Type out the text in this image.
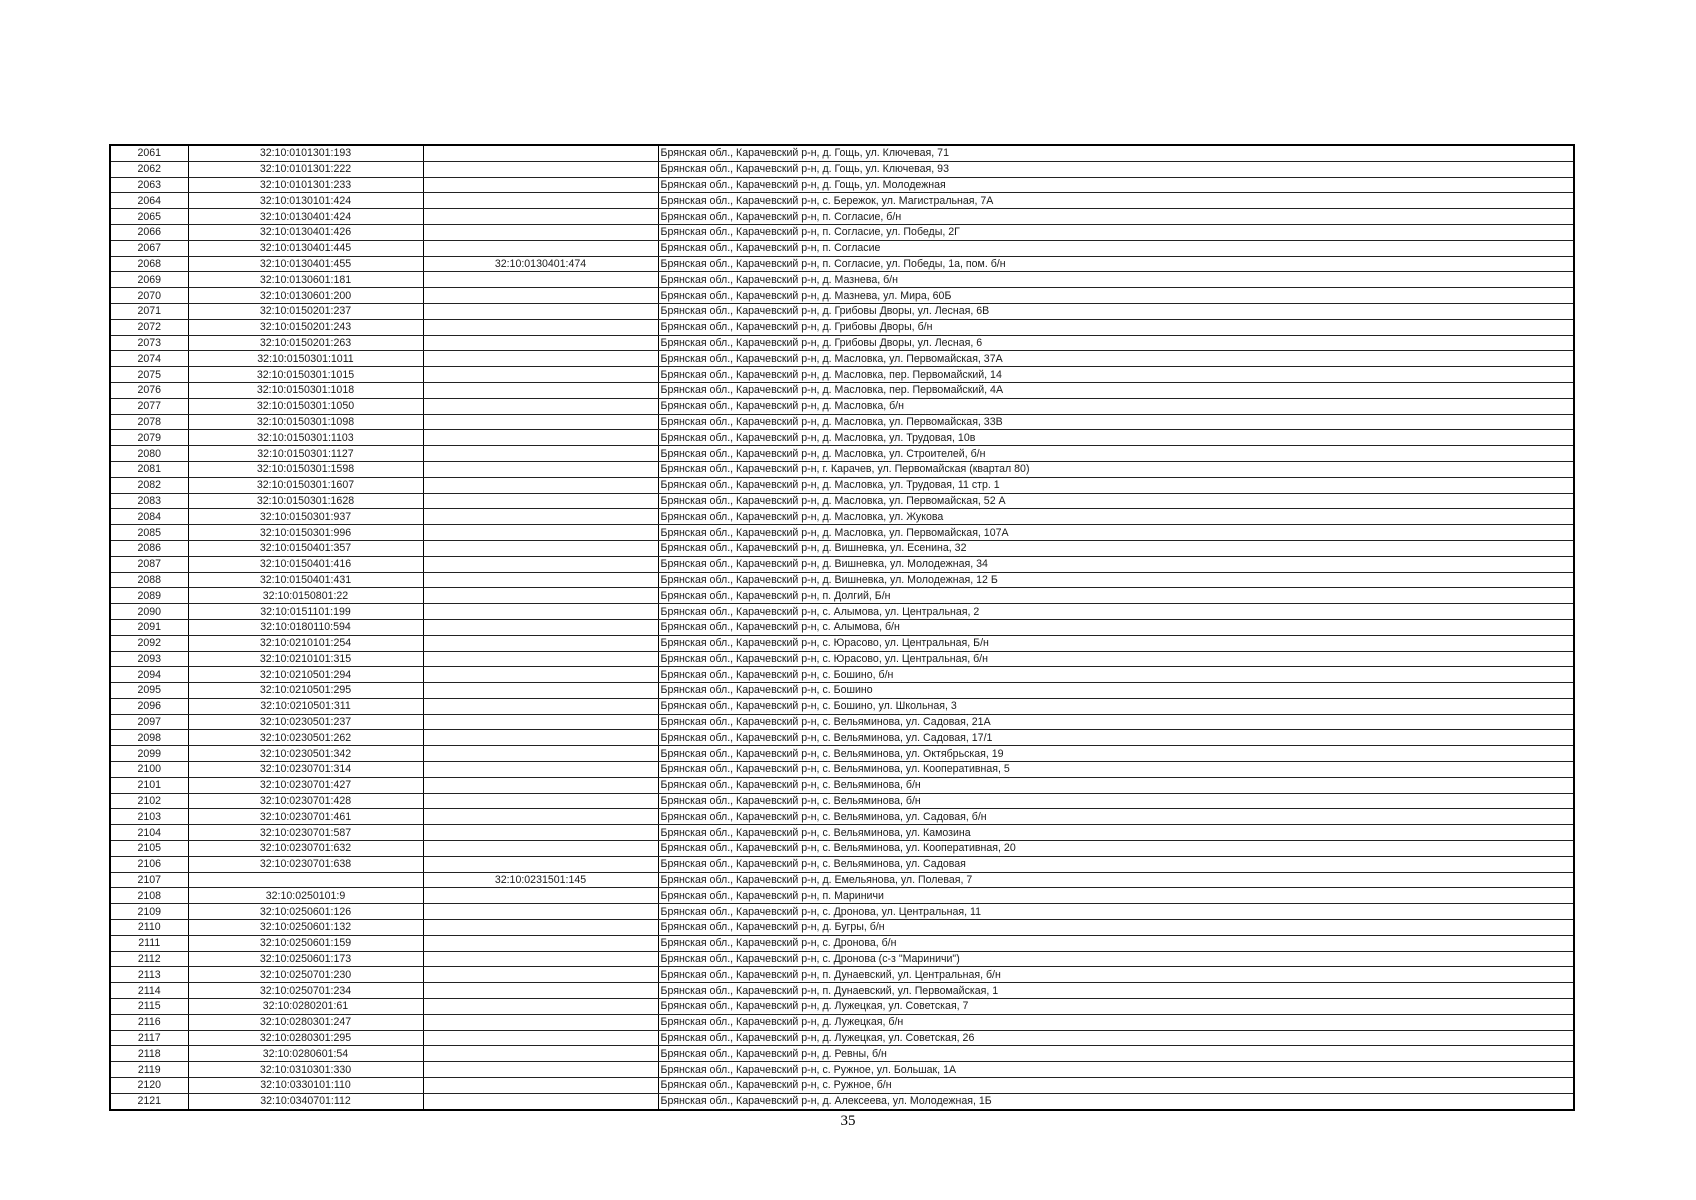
2061	32:10:0101301:193		Брянская обл., Карачевский р-н, д. Гощь, ул. Ключевая, 71
2062	32:10:0101301:222		Брянская обл., Карачевский р-н, д. Гощь, ул. Ключевая, 93
2063	32:10:0101301:233		Брянская обл., Карачевский р-н, д. Гощь, ул. Молодежная
2064	32:10:0130101:424		Брянская обл., Карачевский р-н, с. Бережок, ул. Магистральная, 7А
2065	32:10:0130401:424		Брянская обл., Карачевский р-н, п. Согласие, б/н
2066	32:10:0130401:426		Брянская обл., Карачевский р-н, п. Согласие, ул. Победы, 2Г
2067	32:10:0130401:445		Брянская обл., Карачевский р-н, п. Согласие
2068	32:10:0130401:455	32:10:0130401:474	Брянская обл., Карачевский р-н, п. Согласие, ул. Победы, 1а, пом. б/н
2069	32:10:0130601:181		Брянская обл., Карачевский р-н, д. Мазнева, б/н
2070	32:10:0130601:200		Брянская обл., Карачевский р-н, д. Мазнева, ул. Мира, 60Б
2071	32:10:0150201:237		Брянская обл., Карачевский р-н, д. Грибовы Дворы, ул. Лесная, 6В
2072	32:10:0150201:243		Брянская обл., Карачевский р-н, д. Грибовы Дворы, б/н
2073	32:10:0150201:263		Брянская обл., Карачевский р-н, д. Грибовы Дворы, ул. Лесная, 6
2074	32:10:0150301:1011		Брянская обл., Карачевский р-н, д. Масловка, ул. Первомайская, 37А
2075	32:10:0150301:1015		Брянская обл., Карачевский р-н, д. Масловка, пер. Первомайский, 14
2076	32:10:0150301:1018		Брянская обл., Карачевский р-н, д. Масловка, пер. Первомайский, 4А
2077	32:10:0150301:1050		Брянская обл., Карачевский р-н, д. Масловка, б/н
2078	32:10:0150301:1098		Брянская обл., Карачевский р-н, д. Масловка, ул. Первомайская, 33В
2079	32:10:0150301:1103		Брянская обл., Карачевский р-н, д. Масловка, ул. Трудовая, 10в
2080	32:10:0150301:1127		Брянская обл., Карачевский р-н, д. Масловка, ул. Строителей, б/н
2081	32:10:0150301:1598		Брянская обл., Карачевский р-н, г. Карачев, ул. Первомайская (квартал 80)
2082	32:10:0150301:1607		Брянская обл., Карачевский р-н, д. Масловка, ул. Трудовая, 11 стр. 1
2083	32:10:0150301:1628		Брянская обл., Карачевский р-н, д. Масловка, ул. Первомайская, 52 А
2084	32:10:0150301:937		Брянская обл., Карачевский р-н, д. Масловка, ул. Жукова
2085	32:10:0150301:996		Брянская обл., Карачевский р-н, д. Масловка, ул. Первомайская, 107А
2086	32:10:0150401:357		Брянская обл., Карачевский р-н, д. Вишневка, ул. Есенина, 32
2087	32:10:0150401:416		Брянская обл., Карачевский р-н, д. Вишневка, ул. Молодежная, 34
2088	32:10:0150401:431		Брянская обл., Карачевский р-н, д. Вишневка, ул. Молодежная, 12 Б
2089	32:10:0150801:22		Брянская обл., Карачевский р-н, п. Долгий, Б/н
2090	32:10:0151101:199		Брянская обл., Карачевский р-н, с. Алымова, ул. Центральная, 2
2091	32:10:0180110:594		Брянская обл., Карачевский р-н, с. Алымова, б/н
2092	32:10:0210101:254		Брянская обл., Карачевский р-н, с. Юрасово, ул. Центральная, Б/н
2093	32:10:0210101:315		Брянская обл., Карачевский р-н, с. Юрасово, ул. Центральная, б/н
2094	32:10:0210501:294		Брянская обл., Карачевский р-н, с. Бошино, б/н
2095	32:10:0210501:295		Брянская обл., Карачевский р-н, с. Бошино
2096	32:10:0210501:311		Брянская обл., Карачевский р-н, с. Бошино, ул. Школьная, 3
2097	32:10:0230501:237		Брянская обл., Карачевский р-н, с. Вельяминова, ул. Садовая, 21А
2098	32:10:0230501:262		Брянская обл., Карачевский р-н, с. Вельяминова, ул. Садовая, 17/1
2099	32:10:0230501:342		Брянская обл., Карачевский р-н, с. Вельяминова, ул. Октябрьская, 19
2100	32:10:0230701:314		Брянская обл., Карачевский р-н, с. Вельяминова, ул. Кооперативная, 5
2101	32:10:0230701:427		Брянская обл., Карачевский р-н, с. Вельяминова, б/н
2102	32:10:0230701:428		Брянская обл., Карачевский р-н, с. Вельяминова, б/н
2103	32:10:0230701:461		Брянская обл., Карачевский р-н, с. Вельяминова, ул. Садовая, б/н
2104	32:10:0230701:587		Брянская обл., Карачевский р-н, с. Вельяминова, ул. Камозина
2105	32:10:0230701:632		Брянская обл., Карачевский р-н, с. Вельяминова, ул. Кооперативная, 20
2106	32:10:0230701:638		Брянская обл., Карачевский р-н, с. Вельяминова, ул. Садовая
2107		32:10:0231501:145	Брянская обл., Карачевский р-н, д. Емельянова, ул. Полевая, 7
2108	32:10:0250101:9		Брянская обл., Карачевский р-н, п. Мариничи
2109	32:10:0250601:126		Брянская обл., Карачевский р-н, с. Дронова, ул. Центральная, 11
2110	32:10:0250601:132		Брянская обл., Карачевский р-н, д. Бугры, б/н
2111	32:10:0250601:159		Брянская обл., Карачевский р-н, с. Дронова, б/н
2112	32:10:0250601:173		Брянская обл., Карачевский р-н, с. Дронова (с-з "Мариничи")
2113	32:10:0250701:230		Брянская обл., Карачевский р-н, п. Дунаевский, ул. Центральная, б/н
2114	32:10:0250701:234		Брянская обл., Карачевский р-н, п. Дунаевский, ул. Первомайская, 1
2115	32:10:0280201:61		Брянская обл., Карачевский р-н, д. Лужецкая, ул. Советская, 7
2116	32:10:0280301:247		Брянская обл., Карачевский р-н, д. Лужецкая, б/н
2117	32:10:0280301:295		Брянская обл., Карачевский р-н, д. Лужецкая, ул. Советская, 26
2118	32:10:0280601:54		Брянская обл., Карачевский р-н, д. Ревны, б/н
2119	32:10:0310301:330		Брянская обл., Карачевский р-н, с. Ружное, ул. Большак, 1А
2120	32:10:0330101:110		Брянская обл., Карачевский р-н, с. Ружное, б/н
2121	32:10:0340701:112		Брянская обл., Карачевский р-н, д. Алексеева, ул. Молодежная, 1Б
35
